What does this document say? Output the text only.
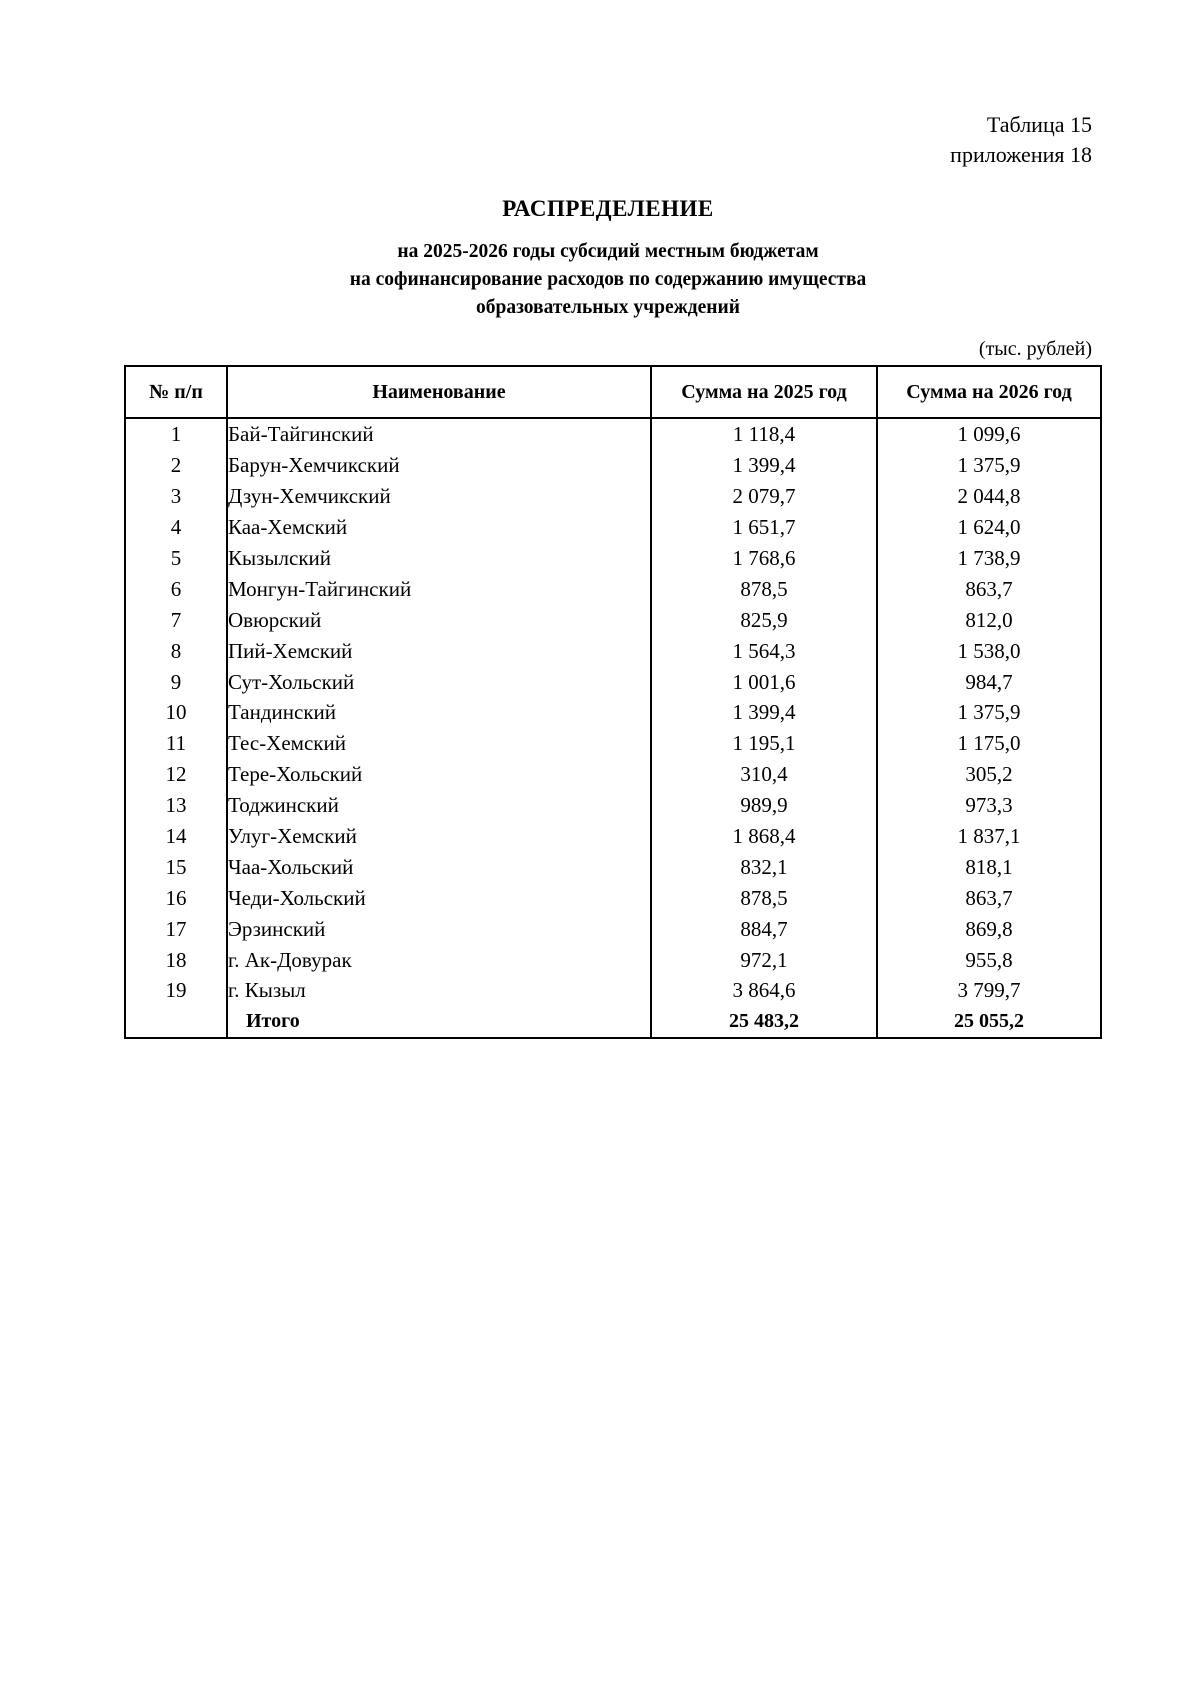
Таблица 15
приложения 18
РАСПРЕДЕЛЕНИЕ
на 2025-2026 годы субсидий местным бюджетам
на софинансирование расходов по содержанию имущества
образовательных учреждений
(тыс. рублей)
№ п/п	Наименование	Сумма на 2025 год	Сумма на 2026 год
1	Бай-Тайгинский	1 118,4	1 099,6
2	Барун-Хемчикский	1 399,4	1 375,9
3	Дзун-Хемчикский	2 079,7	2 044,8
4	Каа-Хемский	1 651,7	1 624,0
5	Кызылский	1 768,6	1 738,9
6	Монгун-Тайгинский	878,5	863,7
7	Овюрский	825,9	812,0
8	Пий-Хемский	1 564,3	1 538,0
9	Сут-Хольский	1 001,6	984,7
10	Тандинский	1 399,4	1 375,9
11	Тес-Хемский	1 195,1	1 175,0
12	Тере-Хольский	310,4	305,2
13	Тоджинский	989,9	973,3
14	Улуг-Хемский	1 868,4	1 837,1
15	Чаа-Хольский	832,1	818,1
16	Чеди-Хольский	878,5	863,7
17	Эрзинский	884,7	869,8
18	г. Ак-Довурак	972,1	955,8
19	г. Кызыл	3 864,6	3 799,7
	Итого	25 483,2	25 055,2
